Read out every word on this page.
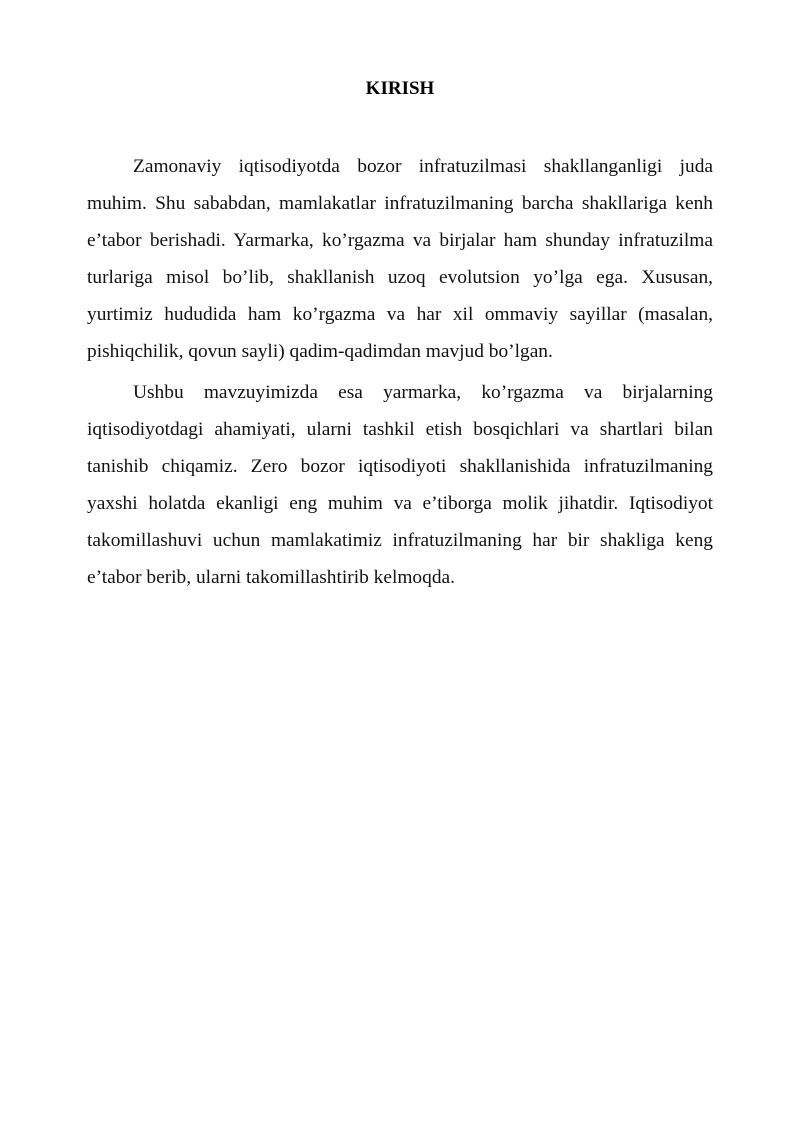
KIRISH

Zamonaviy iqtisodiyotda bozor infratuzilmasi shakllanganligi juda muhim. Shu sababdan, mamlakatlar infratuzilmaning barcha shakllariga kenh e’tabor berishadi. Yarmarka, ko’rgazma va birjalar ham shunday infratuzilma turlariga misol bo’lib, shakllanish uzoq evolutsion yo’lga ega. Xususan, yurtimiz hududida ham ko’rgazma va har xil ommaviy sayillar (masalan, pishiqchilik, qovun sayli) qadim-qadimdan mavjud bo’lgan.

Ushbu mavzuyimizda esa yarmarka, ko’rgazma va birjalarning iqtisodiyotdagi ahamiyati, ularni tashkil etish bosqichlari va shartlari bilan tanishib chiqamiz. Zero bozor iqtisodiyoti shakllanishida infratuzilmaning yaxshi holatda ekanligi eng muhim va e’tiborga molik jihatdir. Iqtisodiyot takomillashuvi uchun mamlakatimiz infratuzilmaning har bir shakliga keng e’tabor berib, ularni takomillashtirib kelmoqda.
